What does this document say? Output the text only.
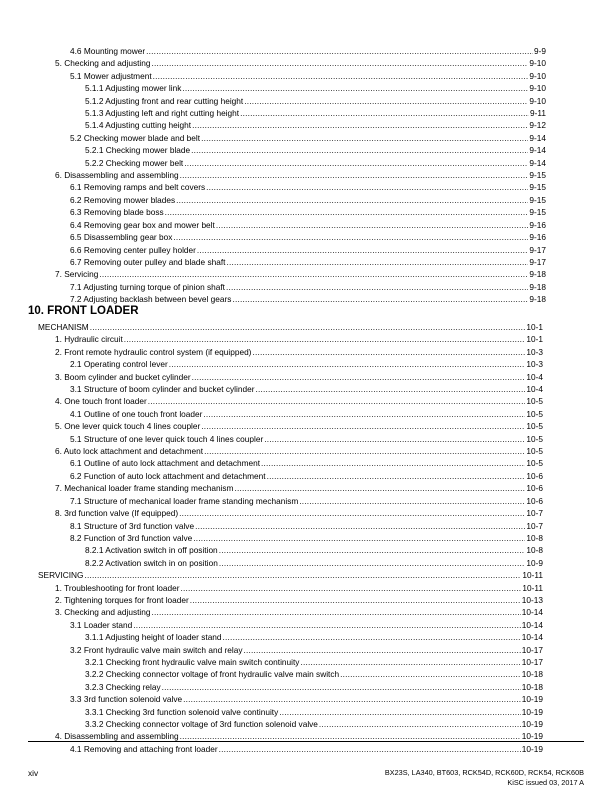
4.6 Mounting mower .....	9-9
5. Checking and adjusting .....	9-10
5.1 Mower adjustment .....	9-10
5.1.1 Adjusting mower link .....	9-10
5.1.2 Adjusting front and rear cutting height .....	9-10
5.1.3 Adjusting left and right cutting height .....	9-11
5.1.4 Adjusting cutting height .....	9-12
5.2 Checking mower blade and belt .....	9-14
5.2.1 Checking mower blade .....	9-14
5.2.2 Checking mower belt .....	9-14
6. Disassembling and assembling .....	9-15
6.1 Removing ramps and belt covers .....	9-15
6.2 Removing mower blades .....	9-15
6.3 Removing blade boss .....	9-15
6.4 Removing gear box and mower belt .....	9-16
6.5 Disassembling gear box .....	9-16
6.6 Removing center pulley holder .....	9-17
6.7 Removing outer pulley and blade shaft .....	9-17
7. Servicing .....	9-18
7.1 Adjusting turning torque of pinion shaft .....	9-18
7.2 Adjusting backlash between bevel gears .....	9-18
10. FRONT LOADER
MECHANISM .....	10-1
1. Hydraulic circuit .....	10-1
2. Front remote hydraulic control system (if equipped) .....	10-3
2.1 Operating control lever .....	10-3
3. Boom cylinder and bucket cylinder .....	10-4
3.1 Structure of boom cylinder and bucket cylinder .....	10-4
4. One touch front loader .....	10-5
4.1 Outline of one touch front loader .....	10-5
5. One lever quick touch 4 lines coupler .....	10-5
5.1 Structure of one lever quick touch 4 lines coupler .....	10-5
6. Auto lock attachment and detachment .....	10-5
6.1 Outline of auto lock attachment and detachment .....	10-5
6.2 Function of auto lock attachment and detachment .....	10-6
7. Mechanical loader frame standing mechanism .....	10-6
7.1 Structure of mechanical loader frame standing mechanism .....	10-6
8. 3rd function valve (If equipped) .....	10-7
8.1 Structure of 3rd function valve .....	10-7
8.2 Function of 3rd function valve .....	10-8
8.2.1 Activation switch in off position .....	10-8
8.2.2 Activation switch in on position .....	10-9
SERVICING .....	10-11
1. Troubleshooting for front loader .....	10-11
2. Tightening torques for front loader .....	10-13
3. Checking and adjusting .....	10-14
3.1 Loader stand .....	10-14
3.1.1 Adjusting height of loader stand .....	10-14
3.2 Front hydraulic valve main switch and relay .....	10-17
3.2.1 Checking front hydraulic valve main switch continuity .....	10-17
3.2.2 Checking connector voltage of front hydraulic valve main switch .....	10-18
3.2.3 Checking relay .....	10-18
3.3 3rd function solenoid valve .....	10-19
3.3.1 Checking 3rd function solenoid valve continuity .....	10-19
3.3.2 Checking connector voltage of 3rd function solenoid valve .....	10-19
4. Disassembling and assembling .....	10-19
4.1 Removing and attaching front loader .....	10-19
xiv	BX23S, LA340, BT603, RCK54D, RCK60D, RCK54, RCK60B
KiSC issued 03, 2017 A
